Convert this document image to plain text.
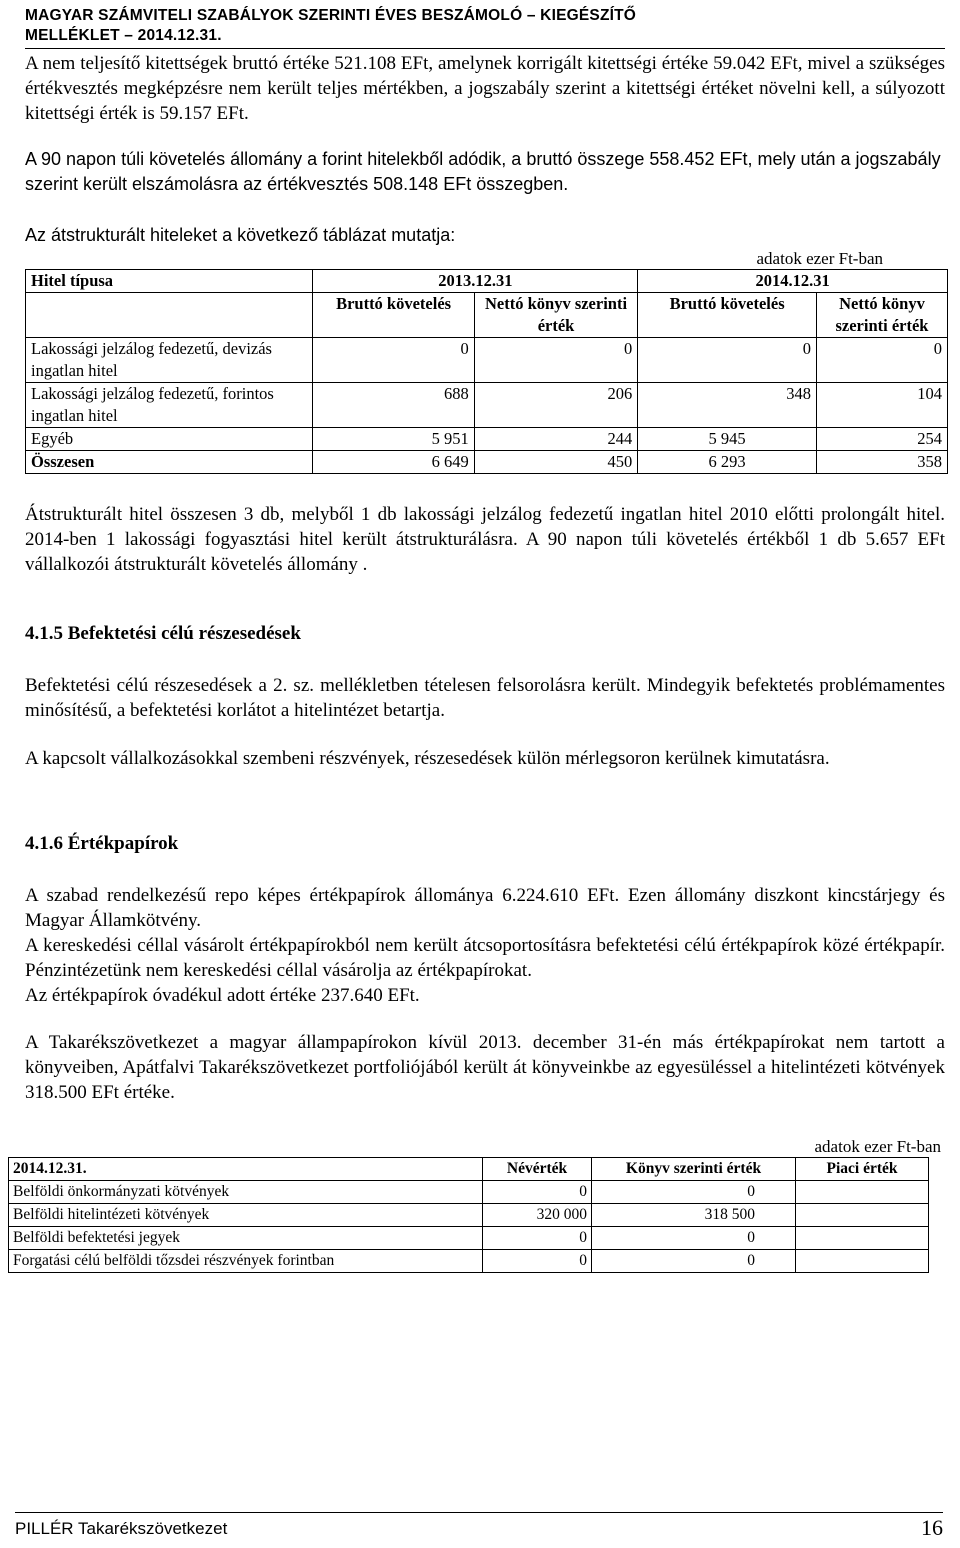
MAGYAR SZÁMVITELI SZABÁLYOK SZERINTI ÉVES BESZÁMOLÓ – KIEGÉSZÍTŐ
MELLÉKLET – 2014.12.31.

A nem teljesítő kitettségek bruttó értéke 521.108 EFt, amelynek korrigált kitettségi értéke 59.042 EFt, mivel a szükséges értékvesztés megképzésre nem került teljes mértékben, a jogszabály szerint a kitettségi értéket növelni kell, a súlyozott kitettségi érték is 59.157 EFt.

A 90 napon túli követelés állomány a forint hitelekből adódik, a bruttó összege 558.452 EFt, mely után a jogszabály szerint került elszámolásra az értékvesztés 508.148 EFt összegben.

Az átstrukturált hiteleket a következő táblázat mutatja:

adatok ezer Ft-ban
Hitel típusa	2013.12.31		2014.12.31	
	Bruttó követelés	Nettó könyv szerinti érték	Bruttó követelés	Nettó könyv szerinti érték
Lakossági jelzálog fedezetű, devizás ingatlan hitel	0	0	0	0
Lakossági jelzálog fedezetű, forintos ingatlan hitel	688	206	348	104
Egyéb	5 951	244	5 945	254
Összesen	6 649	450	6 293	358

Átstrukturált hitel összesen 3 db, melyből 1 db lakossági jelzálog fedezetű ingatlan hitel 2010 előtti prolongált hitel. 2014-ben 1 lakossági fogyasztási hitel került átstrukturálásra. A 90 napon túli követelés értékből 1 db 5.657 EFt vállalkozói átstrukturált követelés állomány .

4.1.5 Befektetési célú részesedések

Befektetési célú részesedések a 2. sz. mellékletben tételesen felsorolásra került. Mindegyik befektetés problémamentes minősítésű, a befektetési korlátot a hitelintézet betartja.

A kapcsolt vállalkozásokkal szembeni részvények, részesedések külön mérlegsoron kerülnek kimutatásra.

4.1.6 Értékpapírok

A szabad rendelkezésű repo képes értékpapírok állománya 6.224.610 EFt. Ezen állomány diszkont kincstárjegy és Magyar Államkötvény.

A kereskedési céllal vásárolt értékpapírokból nem került átcsoportosításra befektetési célú értékpapírok közé értékpapír. Pénzintézetünk nem kereskedési céllal vásárolja az értékpapírokat.

Az értékpapírok óvadékul adott értéke 237.640 EFt.

A Takarékszövetkezet a magyar állampapírokon kívül 2013. december 31-én más értékpapírokat nem tartott a könyveiben, Apátfalvi Takarékszövetkezet portfoliójából került át könyveinkbe az egyesüléssel a hitelintézeti kötvények 318.500 EFt értéke.

adatok ezer Ft-ban
2014.12.31.	Névérték	Könyv szerinti érték	Piaci érték
Belföldi önkormányzati kötvények	0	0	
Belföldi hitelintézeti kötvények	320 000	318 500	
Belföldi befektetési jegyek	0	0	
Forgatási célú belföldi tőzsdei részvények forintban	0	0	
PILLÉR Takarékszövetkezet	16
